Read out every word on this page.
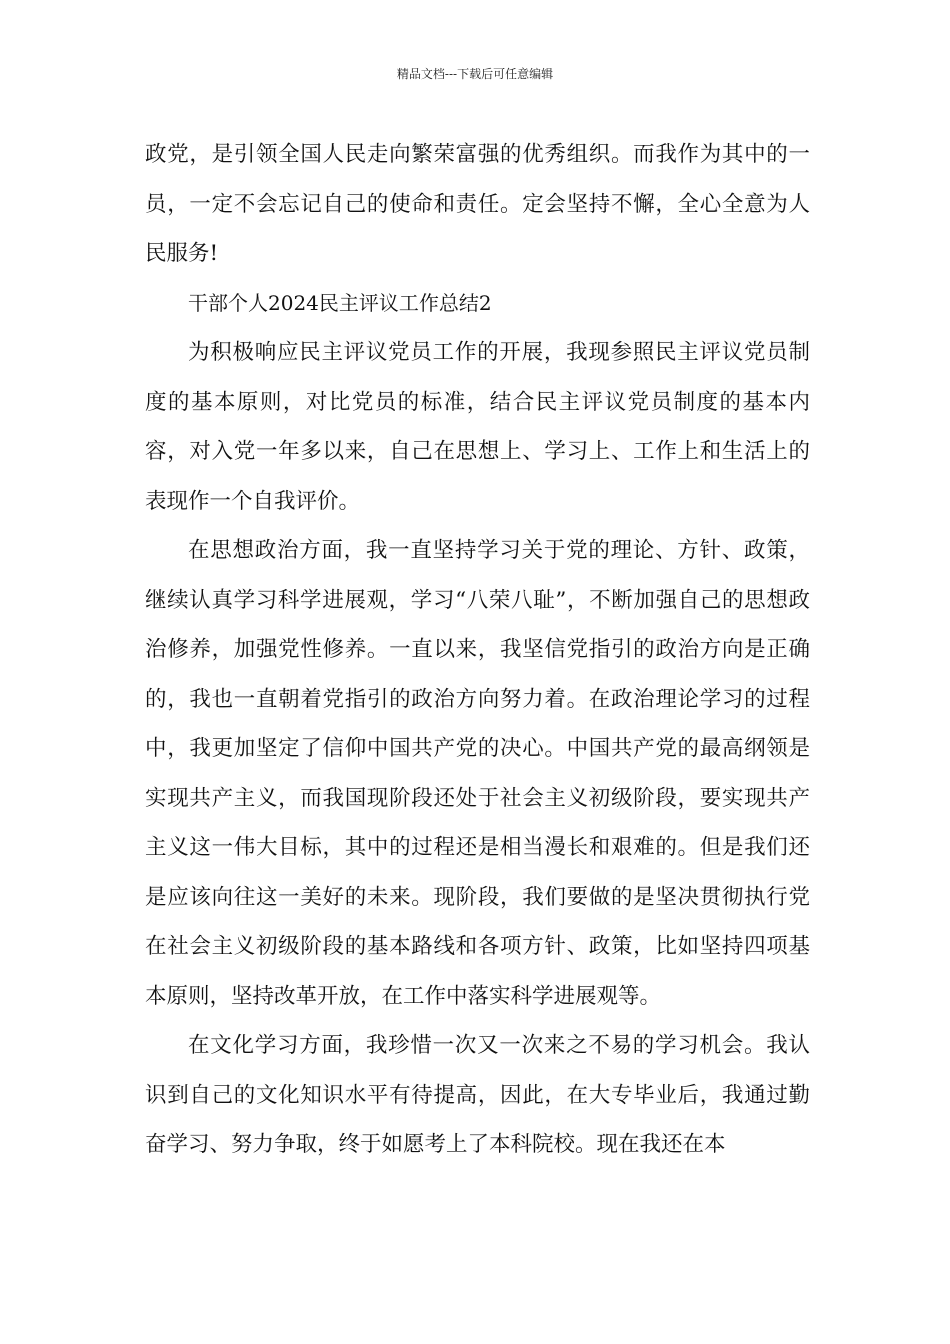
精品文档---下载后可任意编辑

政党，是引领全国人民走向繁荣富强的优秀组织。而我作为其中的一员，一定不会忘记自己的使命和责任。定会坚持不懈，全心全意为人民服务!

干部个人2024民主评议工作总结2

为积极响应民主评议党员工作的开展，我现参照民主评议党员制度的基本原则，对比党员的标准，结合民主评议党员制度的基本内容，对入党一年多以来，自己在思想上、学习上、工作上和生活上的表现作一个自我评价。

在思想政治方面，我一直坚持学习关于党的理论、方针、政策，继续认真学习科学进展观，学习“八荣八耻”，不断加强自己的思想政治修养，加强党性修养。一直以来，我坚信党指引的政治方向是正确的，我也一直朝着党指引的政治方向努力着。在政治理论学习的过程中，我更加坚定了信仰中国共产党的决心。中国共产党的最高纲领是实现共产主义，而我国现阶段还处于社会主义初级阶段，要实现共产主义这一伟大目标，其中的过程还是相当漫长和艰难的。但是我们还是应该向往这一美好的未来。现阶段，我们要做的是坚决贯彻执行党在社会主义初级阶段的基本路线和各项方针、政策，比如坚持四项基本原则，坚持改革开放，在工作中落实科学进展观等。

在文化学习方面，我珍惜一次又一次来之不易的学习机会。我认识到自己的文化知识水平有待提高，因此，在大专毕业后，我通过勤奋学习、努力争取，终于如愿考上了本科院校。现在我还在本
